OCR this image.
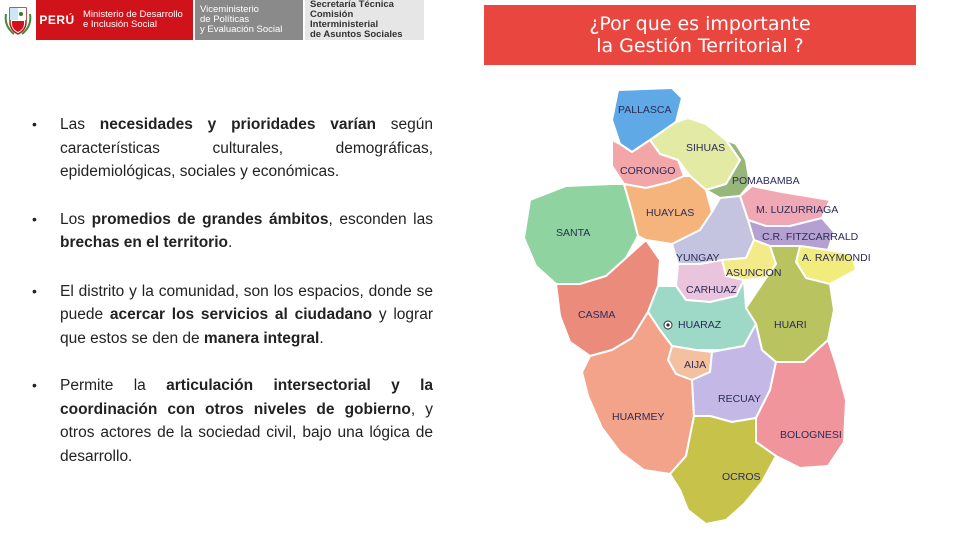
PERÚ Ministerio de Desarrollo
e Inclusión Social
Viceministerio
de Políticas
y Evaluación Social
Secretaría Técnica
Comisión Interministerial
de Asuntos Sociales	¿Por que es importante
la Gestión Territorial ?
• Las necesidades y prioridades varían según características culturales, demográficas, epidemiológicas, sociales y económicas.
• Los promedios de grandes ámbitos, esconden las brechas en el territorio.
• El distrito y la comunidad, son los espacios, donde se puede acercar los servicios al ciudadano y lograr que estos se den de manera integral.
• Permite la articulación intersectorial y la coordinación con otros niveles de gobierno, y otros actores de la sociedad civil, bajo una lógica de desarrollo.
PALLASCA
SIHUAS
CORONGO
POMABAMBA
M. LUZURRIAGA
SANTA
HUAYLAS
C.R. FITZCARRALD
A. RAYMONDI
YUNGAY
ASUNCION
CARHUAZ
CASMA
HUARAZ	HUARI
AIJA
RECUAY
HUARMEY
BOLOGNESI
OCROS
